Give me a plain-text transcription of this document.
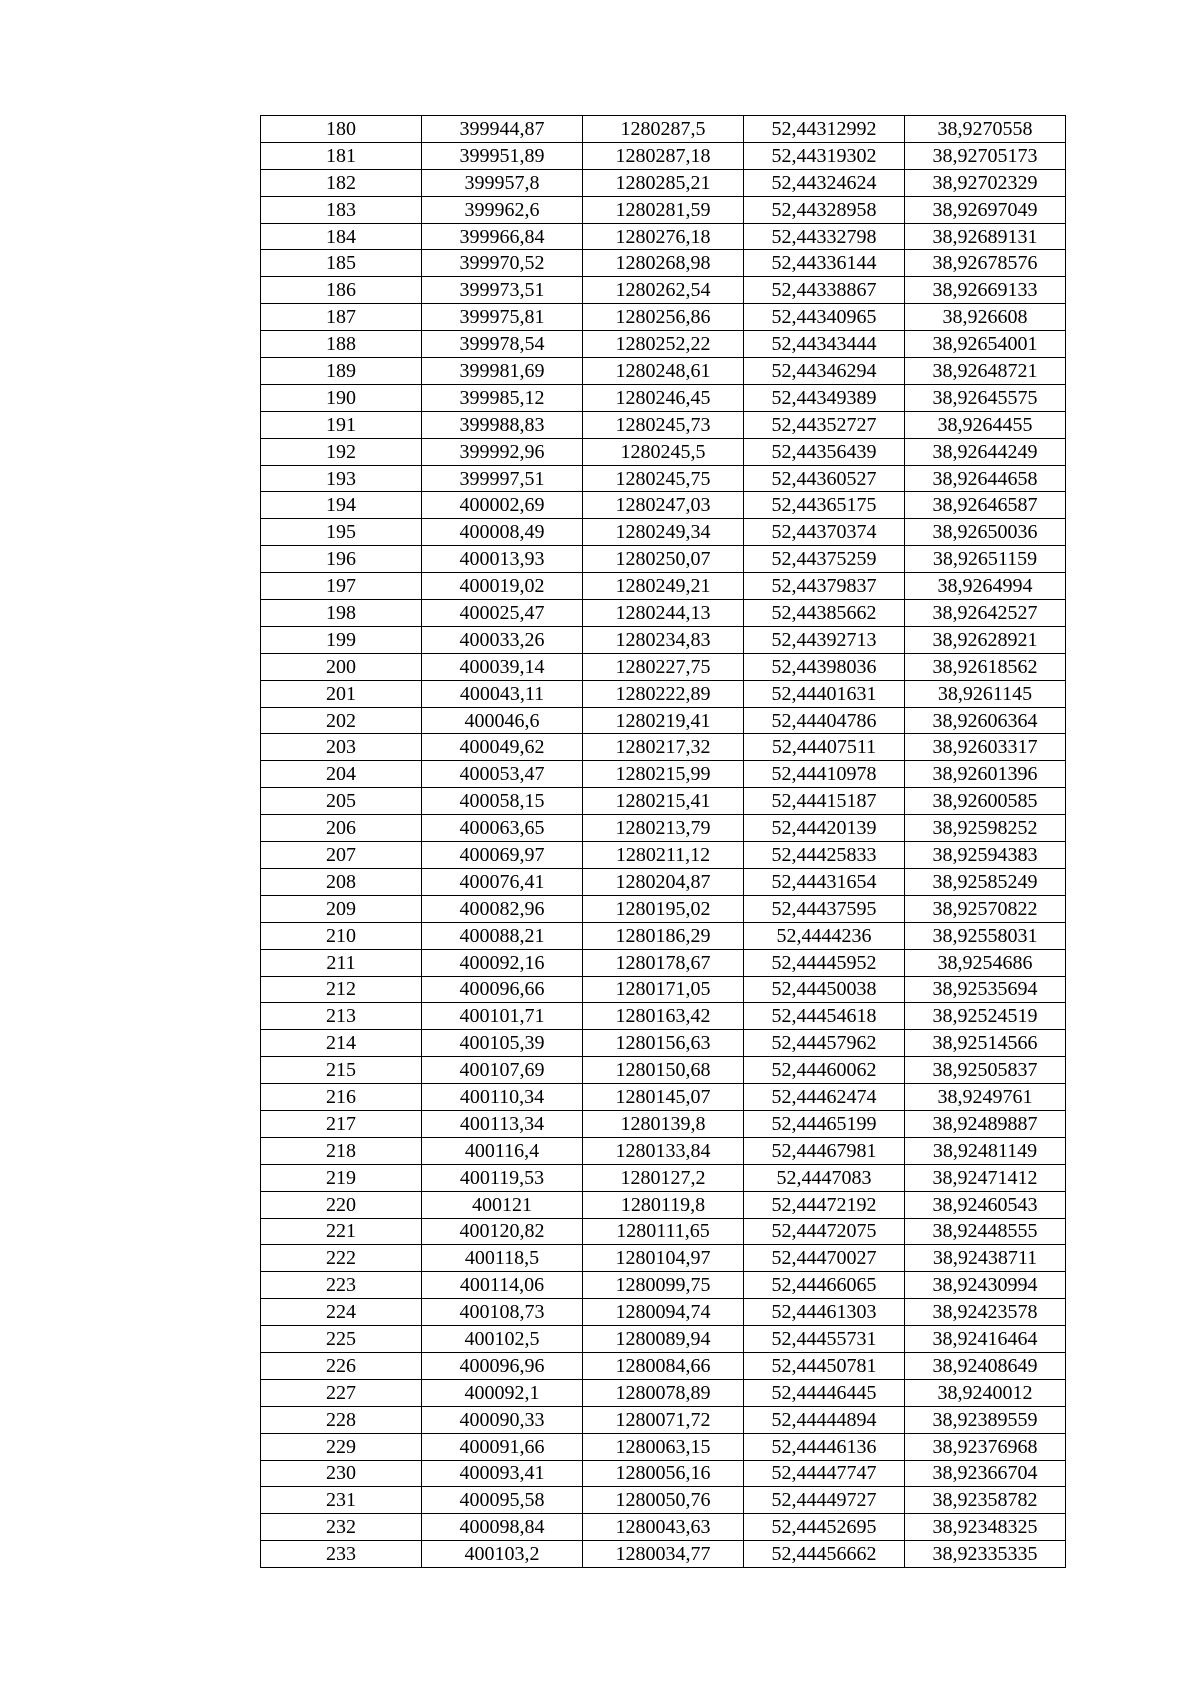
180	399944,87	1280287,5	52,44312992	38,9270558
181	399951,89	1280287,18	52,44319302	38,92705173
182	399957,8	1280285,21	52,44324624	38,92702329
183	399962,6	1280281,59	52,44328958	38,92697049
184	399966,84	1280276,18	52,44332798	38,92689131
185	399970,52	1280268,98	52,44336144	38,92678576
186	399973,51	1280262,54	52,44338867	38,92669133
187	399975,81	1280256,86	52,44340965	38,926608
188	399978,54	1280252,22	52,44343444	38,92654001
189	399981,69	1280248,61	52,44346294	38,92648721
190	399985,12	1280246,45	52,44349389	38,92645575
191	399988,83	1280245,73	52,44352727	38,9264455
192	399992,96	1280245,5	52,44356439	38,92644249
193	399997,51	1280245,75	52,44360527	38,92644658
194	400002,69	1280247,03	52,44365175	38,92646587
195	400008,49	1280249,34	52,44370374	38,92650036
196	400013,93	1280250,07	52,44375259	38,92651159
197	400019,02	1280249,21	52,44379837	38,9264994
198	400025,47	1280244,13	52,44385662	38,92642527
199	400033,26	1280234,83	52,44392713	38,92628921
200	400039,14	1280227,75	52,44398036	38,92618562
201	400043,11	1280222,89	52,44401631	38,9261145
202	400046,6	1280219,41	52,44404786	38,92606364
203	400049,62	1280217,32	52,44407511	38,92603317
204	400053,47	1280215,99	52,44410978	38,92601396
205	400058,15	1280215,41	52,44415187	38,92600585
206	400063,65	1280213,79	52,44420139	38,92598252
207	400069,97	1280211,12	52,44425833	38,92594383
208	400076,41	1280204,87	52,44431654	38,92585249
209	400082,96	1280195,02	52,44437595	38,92570822
210	400088,21	1280186,29	52,4444236	38,92558031
211	400092,16	1280178,67	52,44445952	38,9254686
212	400096,66	1280171,05	52,44450038	38,92535694
213	400101,71	1280163,42	52,44454618	38,92524519
214	400105,39	1280156,63	52,44457962	38,92514566
215	400107,69	1280150,68	52,44460062	38,92505837
216	400110,34	1280145,07	52,44462474	38,9249761
217	400113,34	1280139,8	52,44465199	38,92489887
218	400116,4	1280133,84	52,44467981	38,92481149
219	400119,53	1280127,2	52,4447083	38,92471412
220	400121	1280119,8	52,44472192	38,92460543
221	400120,82	1280111,65	52,44472075	38,92448555
222	400118,5	1280104,97	52,44470027	38,92438711
223	400114,06	1280099,75	52,44466065	38,92430994
224	400108,73	1280094,74	52,44461303	38,92423578
225	400102,5	1280089,94	52,44455731	38,92416464
226	400096,96	1280084,66	52,44450781	38,92408649
227	400092,1	1280078,89	52,44446445	38,9240012
228	400090,33	1280071,72	52,44444894	38,92389559
229	400091,66	1280063,15	52,44446136	38,92376968
230	400093,41	1280056,16	52,44447747	38,92366704
231	400095,58	1280050,76	52,44449727	38,92358782
232	400098,84	1280043,63	52,44452695	38,92348325
233	400103,2	1280034,77	52,44456662	38,92335335
